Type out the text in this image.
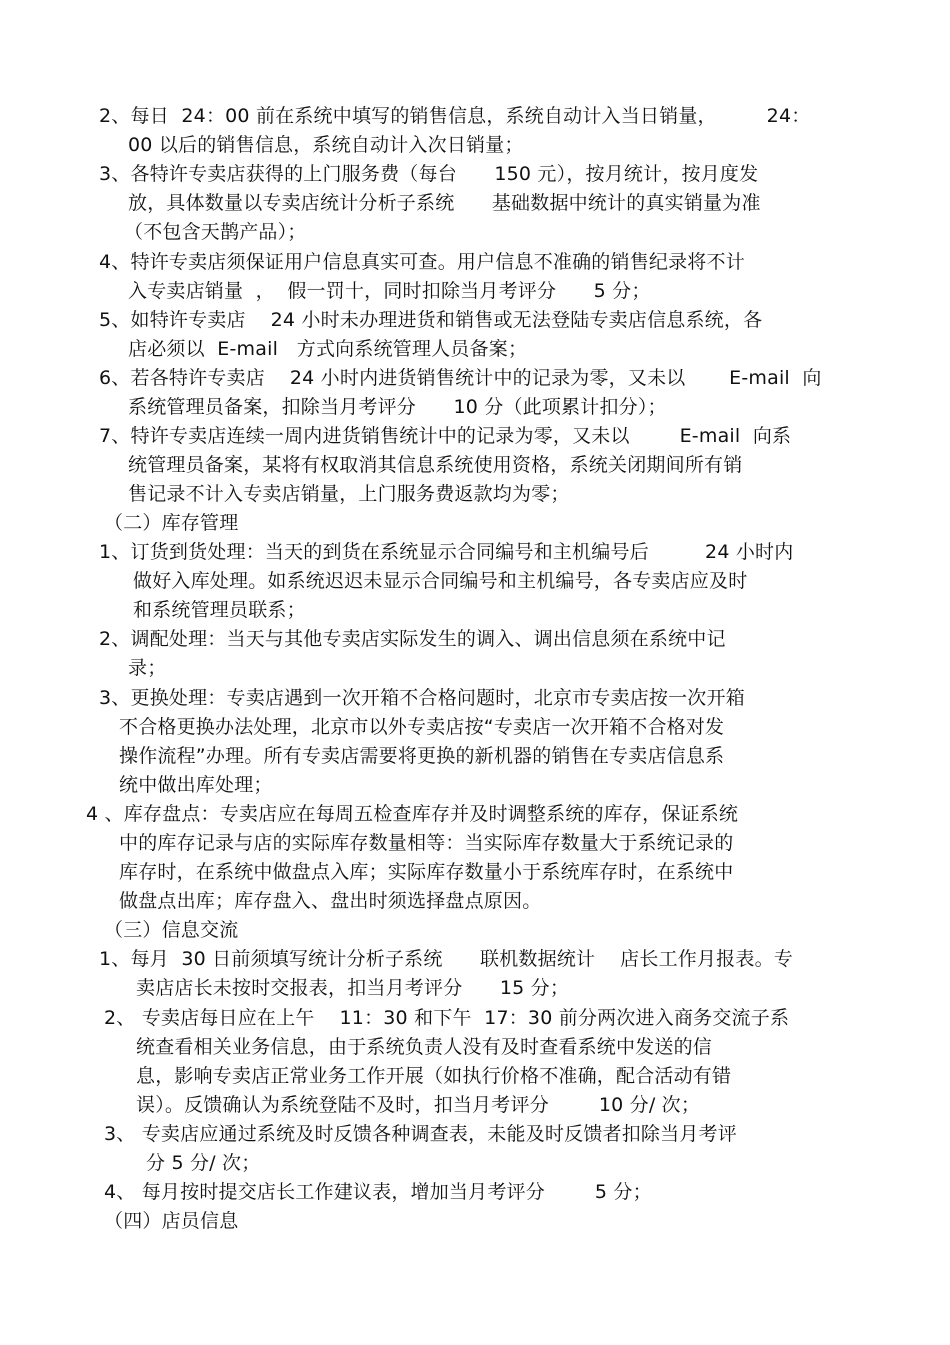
2、每日  24：00 前在系统中填写的销售信息，系统自动计入当日销量，        24：
00 以后的销售信息，系统自动计入次日销量；
3、各特许专卖店获得的上门服务费（每台      150 元），按月统计，按月度发
放，具体数量以专卖店统计分析子系统      基础数据中统计的真实销量为准
（不包含天鹊产品）；
4、特许专卖店须保证用户信息真实可查。用户信息不准确的销售纪录将不计
入专卖店销量  ，  假一罚十，同时扣除当月考评分      5 分；
5、如特许专卖店    24 小时未办理进货和销售或无法登陆专卖店信息系统，各
店必须以  E-mail   方式向系统管理人员备案；
6、若各特许专卖店    24 小时内进货销售统计中的记录为零，又未以       E-mail  向
系统管理员备案，扣除当月考评分      10 分（此项累计扣分）；
7、特许专卖店连续一周内进货销售统计中的记录为零，又未以        E-mail  向系
统管理员备案，某将有权取消其信息系统使用资格，系统关闭期间所有销
售记录不计入专卖店销量，上门服务费返款均为零；
（二）库存管理
1、订货到货处理：当天的到货在系统显示合同编号和主机编号后         24 小时内
做好入库处理。如系统迟迟未显示合同编号和主机编号，各专卖店应及时
和系统管理员联系；
2、调配处理：当天与其他专卖店实际发生的调入、调出信息须在系统中记
录；
3、更换处理：专卖店遇到一次开箱不合格问题时，北京市专卖店按一次开箱
不合格更换办法处理，北京市以外专卖店按“专卖店一次开箱不合格对发
操作流程”办理。所有专卖店需要将更换的新机器的销售在专卖店信息系
统中做出库处理；
4 、库存盘点：专卖店应在每周五检查库存并及时调整系统的库存，保证系统
中的库存记录与店的实际库存数量相等：当实际库存数量大于系统记录的
库存时，在系统中做盘点入库；实际库存数量小于系统库存时，在系统中
做盘点出库；库存盘入、盘出时须选择盘点原因。
（三）信息交流
1、每月  30 日前须填写统计分析子系统      联机数据统计    店长工作月报表。专
卖店店长未按时交报表，扣当月考评分      15 分；
2、 专卖店每日应在上午    11：30 和下午  17：30 前分两次进入商务交流子系
统查看相关业务信息，由于系统负责人没有及时查看系统中发送的信
息，影响专卖店正常业务工作开展（如执行价格不准确，配合活动有错
误）。反馈确认为系统登陆不及时，扣当月考评分        10 分/ 次；
3、 专卖店应通过系统及时反馈各种调查表，未能及时反馈者扣除当月考评
分 5 分/ 次；
4、 每月按时提交店长工作建议表，增加当月考评分        5 分；
（四）店员信息
